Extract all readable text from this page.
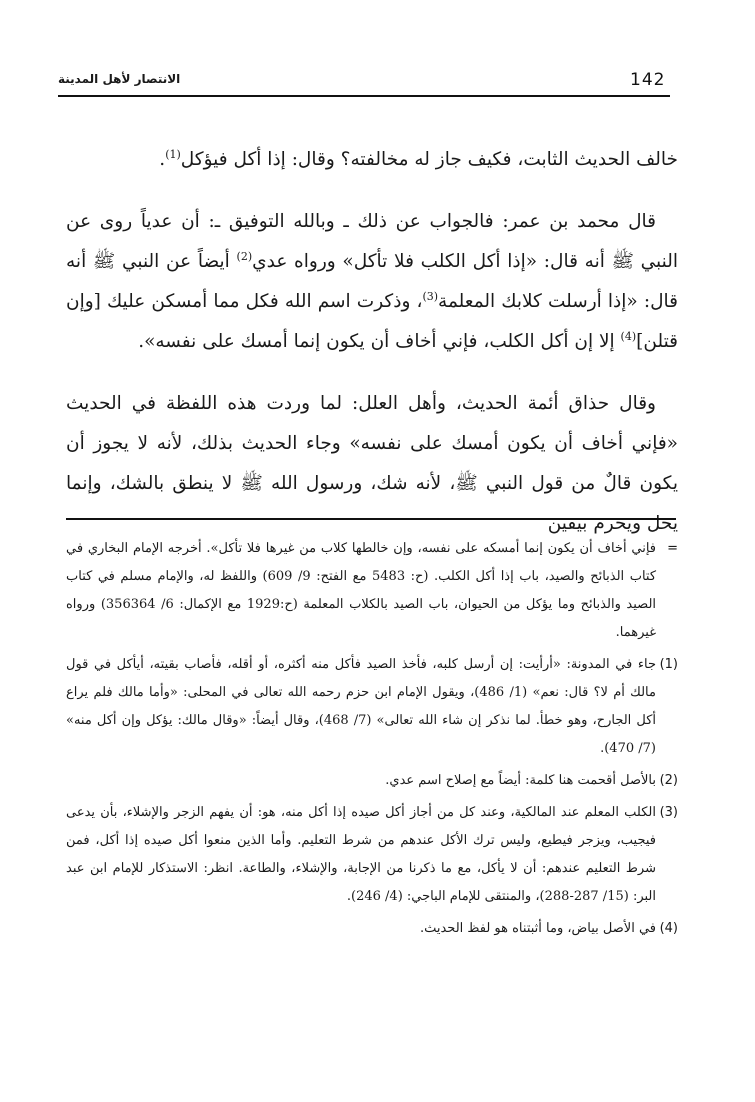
142
الانتصار لأهل المدينة

خالف الحديث الثابت، فكيف جاز له مخالفته؟ وقال: إذا أكل فيؤكل$^{(1)}$.

قال محمد بن عمر: فالجواب عن ذلك ـ وبالله التوفيق ـ: أن عدياً روى عن النبي ﷺ أنه قال: «إذا أكل الكلب فلا تأكل» ورواه عدي$^{(2)}$ أيضاً عن النبي ﷺ أنه قال: «إذا أرسلت كلابك المعلمة$^{(3)}$، وذكرت اسم الله فكل مما أمسكن عليك [وإن قتلن]$^{(4)}$ إلا إن أكل الكلب، فإني أخاف أن يكون إنما أمسك على نفسه».

وقال حذاق أئمة الحديث، وأهل العلل: لما وردت هذه اللفظة في الحديث «فإني أخاف أن يكون أمسك على نفسه» وجاء الحديث بذلك، لأنه لا يجوز أن يكون قالٌ من قول النبي ﷺ، لأنه شك، ورسول الله ﷺ لا ينطق بالشك، وإنما يحل ويحرم بيقين

=
فإني أخاف أن يكون إنما أمسكه على نفسه، وإن خالطها كلاب من غيرها فلا تأكل». أخرجه الإمام البخاري في كتاب الذبائح والصيد، باب إذا أكل الكلب. (ح: 5483 مع الفتح: 9/ 609) واللفظ له، والإمام مسلم في كتاب الصيد والذبائح وما يؤكل من الحيوان، باب الصيد بالكلاب المعلمة (ح:1929 مع الإكمال: 6/ 356364) ورواه غيرهما.
(1)
جاء في المدونة: «أرأيت: إن أرسل كلبه، فأخذ الصيد فأكل منه أكثره، أو أقله، فأصاب بقيته، أيأكل في قول مالك أم لا؟ قال: نعم» (1/ 486)، ويقول الإمام ابن حزم رحمه الله تعالى في المحلى: «وأما مالك فلم يراع أكل الجارح، وهو خطأ. لما نذكر إن شاء الله تعالى» (7/ 468)، وقال أيضاً: «وقال مالك: يؤكل وإن أكل منه» (7/ 470).
(2)
بالأصل أقحمت هنا كلمة: أيضاً مع إصلاح اسم عدي.
(3)
الكلب المعلم عند المالكية، وعند كل من أجاز أكل صيده إذا أكل منه، هو: أن يفهم الزجر والإشلاء، بأن يدعى فيجيب، ويزجر فيطيع، وليس ترك الأكل عندهم من شرط التعليم. وأما الذين منعوا أكل صيده إذا أكل، فمن شرط التعليم عندهم: أن لا يأكل، مع ما ذكرنا من الإجابة، والإشلاء، والطاعة. انظر: الاستذكار للإمام ابن عبد البر: (15/ 287-288)، والمنتقى للإمام الباجي: (4/ 246).
(4)
في الأصل بياض، وما أثبتناه هو لفظ الحديث.
